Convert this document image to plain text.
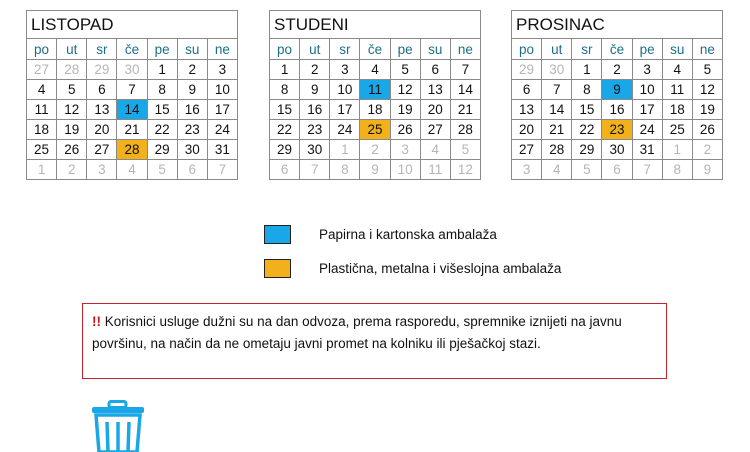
LISTOPAD						
po	ut	sr	če	pe	su	ne
27	28	29	30	1	2	3
4	5	6	7	8	9	10
11	12	13	14	15	16	17
18	19	20	21	22	23	24
25	26	27	28	29	30	31
1	2	3	4	5	6	7
STUDENI						
po	ut	sr	če	pe	su	ne
1	2	3	4	5	6	7
8	9	10	11	12	13	14
15	16	17	18	19	20	21
22	23	24	25	26	27	28
29	30	1	2	3	4	5
6	7	8	9	10	11	12
PROSINAC						
po	ut	sr	če	pe	su	ne
29	30	1	2	3	4	5
6	7	8	9	10	11	12
13	14	15	16	17	18	19
20	21	22	23	24	25	26
27	28	29	30	31	1	2
3	4	5	6	7	8	9
Papirna i kartonska ambalaža
Plastična, metalna i višeslojna ambalaža
!! Korisnici usluge dužni su na dan odvoza, prema rasporedu, spremnike iznijeti na javnu površinu, na način da ne ometaju javni promet na kolniku ili pješačkoj stazi.
